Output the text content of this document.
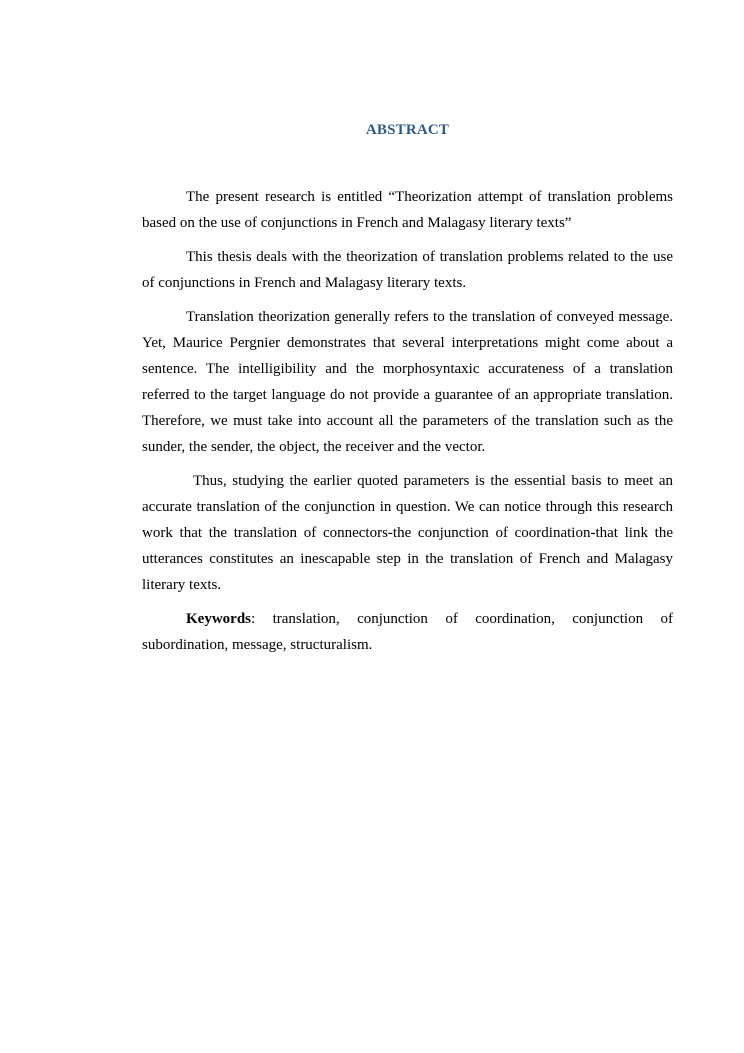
ABSTRACT

The present research is entitled “Theorization attempt of translation problems based on the use of conjunctions in French and Malagasy literary texts”

This thesis deals with the theorization of translation problems related to the use of conjunctions in French and Malagasy literary texts.

Translation theorization generally refers to the translation of conveyed message. Yet, Maurice Pergnier demonstrates that several interpretations might come about a sentence. The intelligibility and the morphosyntaxic accurateness of a translation referred to the target language do not provide a guarantee of an appropriate translation. Therefore, we must take into account all the parameters of the translation such as the sunder, the sender, the object, the receiver and the vector.

Thus, studying the earlier quoted parameters is the essential basis to meet an accurate translation of the conjunction in question. We can notice through this research work that the translation of connectors-the conjunction of coordination-that link the utterances constitutes an inescapable step in the translation of French and Malagasy literary texts.

Keywords: translation, conjunction of coordination, conjunction of subordination, message, structuralism.
